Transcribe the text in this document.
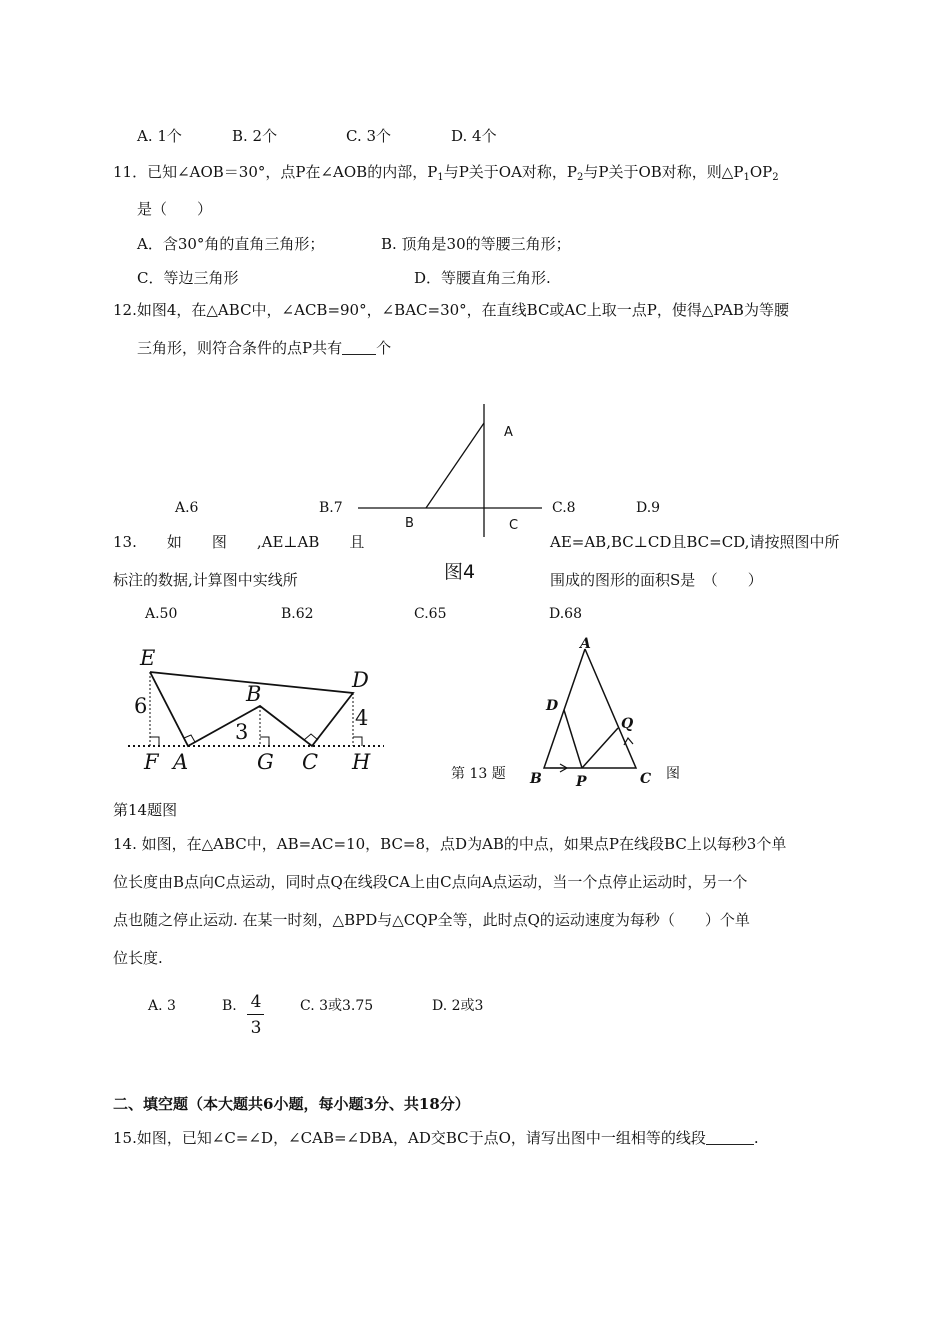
A. 1个	B. 2个	C. 3个	D. 4个
11．已知∠AOB＝30°，点P在∠AOB的内部，$P_1$与P关于OA对称，$P_2$与P关于OB对称，则$\triangle P_1OP_2$
是（　　）
A．含30°角的直角三角形；	B. 顶角是30的等腰三角形；
C．等边三角形	D．等腰直角三角形.
12.如图4，在△ABC中，∠ACB=90°，∠BAC=30°，在直线BC或AC上取一点P，使得△PAB为等腰
三角形，则符合条件的点P共有 个
A
B	C
图4
A.6	B.7	C.8	D.9
13.　　如　　图　　,AE⊥AB　　且	AE=AB,BC⊥CD且BC=CD,请按照图中所
标注的数据,计算图中实线所	围成的图形的面积S是　（　　）
A.50	B.62	C.65	D.68
E
D
B
F A	G C H
6
3
4
A
D
Q
B P	C
第 13 题	图
第14题图
14. 如图，在△ABC中，AB=AC=10，BC=8，点D为AB的中点，如果点P在线段BC上以每秒3个单
位长度由B点向C点运动，同时点Q在线段CA上由C点向A点运动，当一个点停止运动时，另一个
点也随之停止运动. 在某一时刻，△BPD与△CQP全等，此时点Q的运动速度为每秒（　　）个单
位长度.
A. 3	B. 4
3
C. 3或3.75	D. 2或3
二、填空题（本大题共6小题，每小题3分、共18分）
15.如图，已知∠C=∠D，∠CAB=∠DBA，AD交BC于点O，请写出图中一组相等的线段	.
